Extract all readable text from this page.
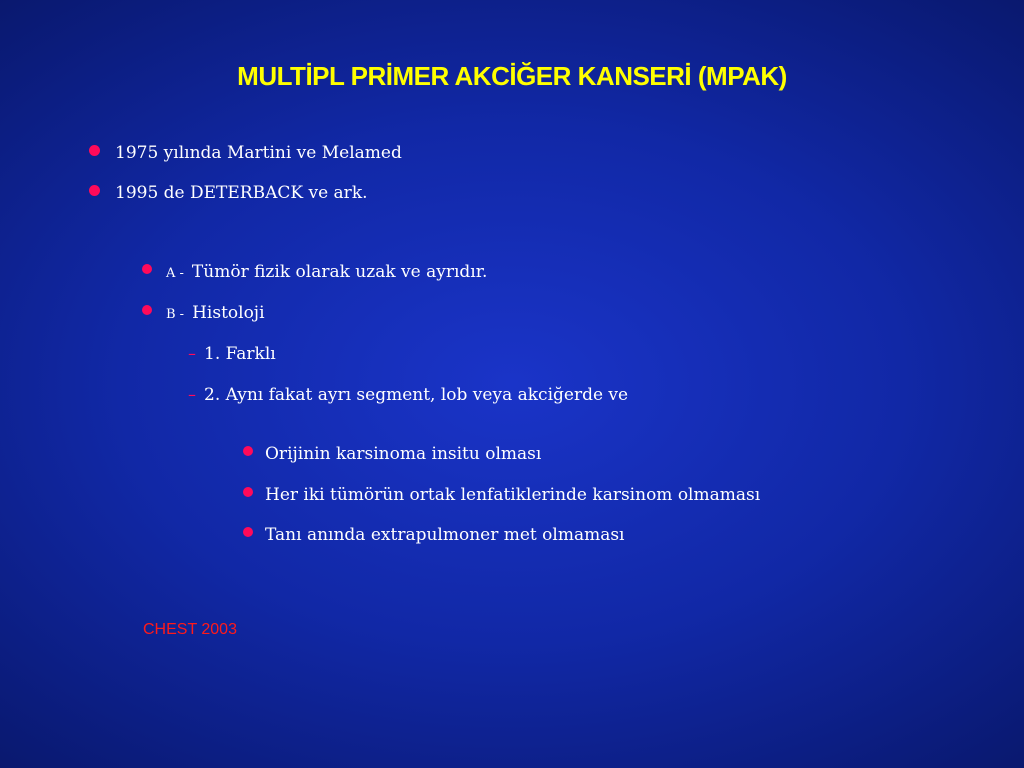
MULTİPL PRİMER AKCİĞER KANSERİ (MPAK)
1975 yılında Martini ve Melamed
1995 de DETERBACK ve ark.
A - Tümör fizik olarak uzak ve ayrıdır.
B - Histoloji
– 1. Farklı
– 2. Aynı fakat ayrı segment, lob veya akciğerde ve
Orijinin karsinoma insitu olması
Her iki tümörün ortak lenfatiklerinde karsinom olmaması
Tanı anında extrapulmoner met olmaması
CHEST 2003
